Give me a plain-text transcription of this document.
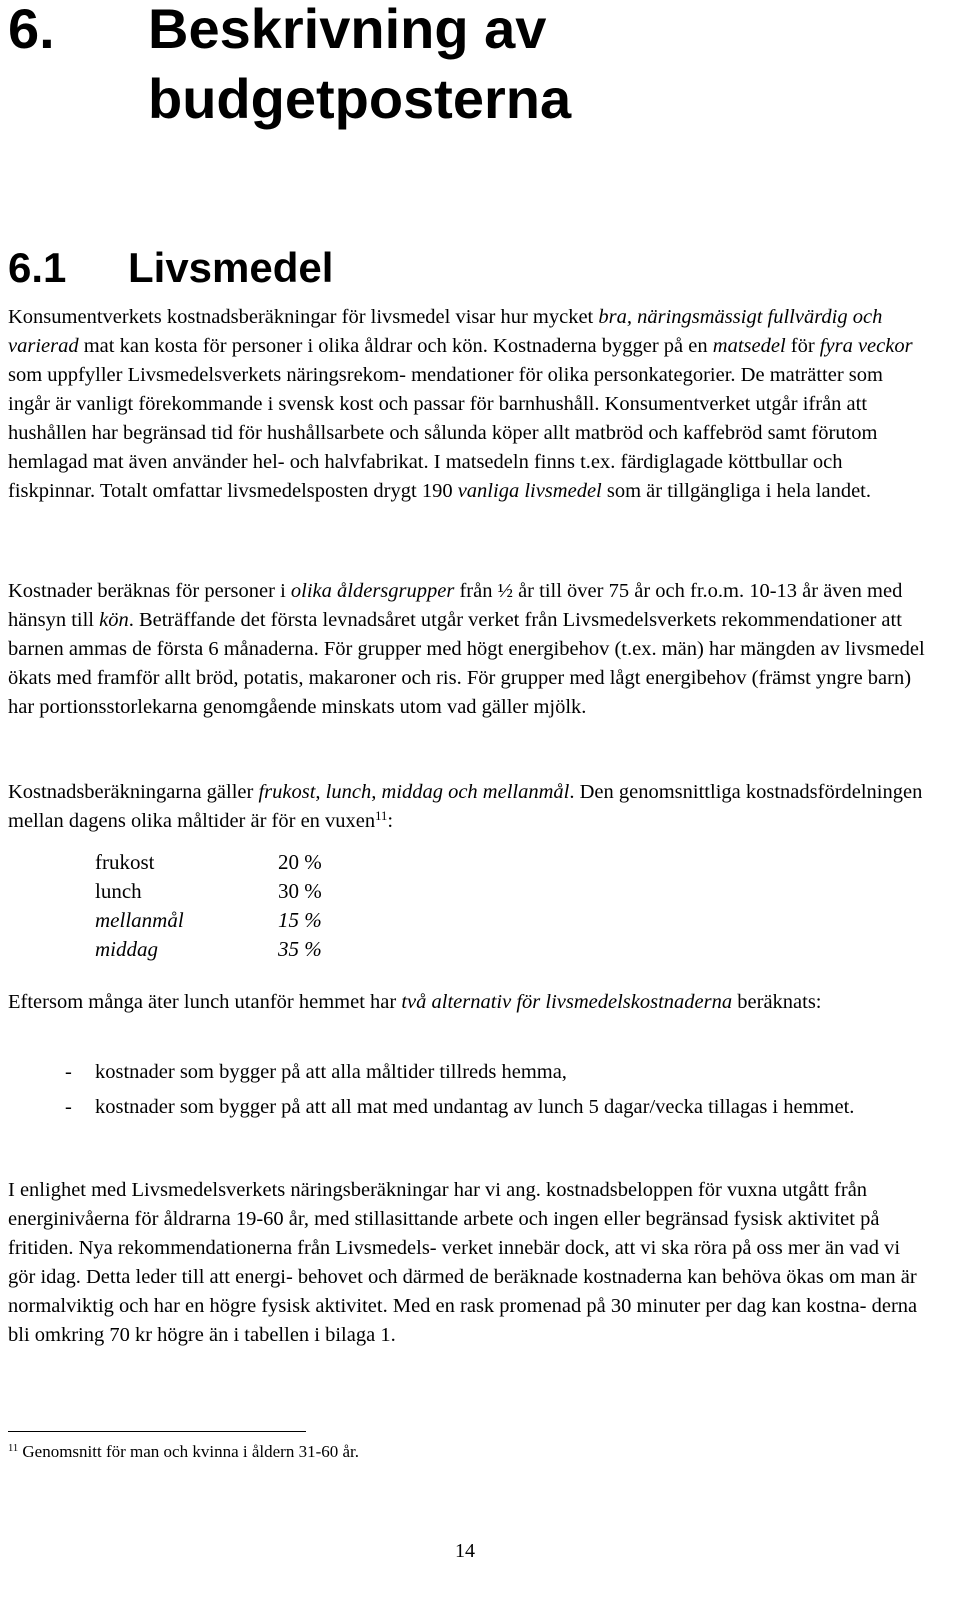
6. Beskrivning av
budgetposterna
6.1 Livsmedel

Konsumentverkets kostnadsberäkningar för livsmedel visar hur mycket bra, näringsmässigt fullvärdig och varierad mat kan kosta för personer i olika åldrar och kön. Kostnaderna bygger på en matsedel för fyra veckor som uppfyller Livsmedelsverkets näringsrekom- mendationer för olika personkategorier. De maträtter som ingår är vanligt förekommande i svensk kost och passar för barnhushåll. Konsumentverket utgår ifrån att hushållen har begränsad tid för hushållsarbete och sålunda köper allt matbröd och kaffebröd samt förutom hemlagad mat även använder hel- och halvfabrikat. I matsedeln finns t.ex. färdiglagade köttbullar och fiskpinnar. Totalt omfattar livsmedelsposten drygt 190 vanliga livsmedel som är tillgängliga i hela landet.

Kostnader beräknas för personer i olika åldersgrupper från ½ år till över 75 år och fr.o.m. 10-13 år även med hänsyn till kön. Beträffande det första levnadsåret utgår verket från Livsmedelsverkets rekommendationer att barnen ammas de första 6 månaderna. För grupper med högt energibehov (t.ex. män) har mängden av livsmedel ökats med framför allt bröd, potatis, makaroner och ris. För grupper med lågt energibehov (främst yngre barn) har portionsstorlekarna genomgående minskats utom vad gäller mjölk.

Kostnadsberäkningarna gäller frukost, lunch, middag och mellanmål. Den genomsnittliga kostnadsfördelningen mellan dagens olika måltider är för en vuxen$^{11}$:

frukost	20 %
lunch	30 %
mellanmål	15 %
middag	35 %

Eftersom många äter lunch utanför hemmet har två alternativ för livsmedelskostnaderna beräknats:

- kostnader som bygger på att alla måltider tillreds hemma,
- kostnader som bygger på att all mat med undantag av lunch 5 dagar/vecka tillagas i hemmet.

I enlighet med Livsmedelsverkets näringsberäkningar har vi ang. kostnadsbeloppen för vuxna utgått från energinivåerna för åldrarna 19-60 år, med stillasittande arbete och ingen eller begränsad fysisk aktivitet på fritiden. Nya rekommendationerna från Livsmedels- verket innebär dock, att vi ska röra på oss mer än vad vi gör idag. Detta leder till att energi- behovet och därmed de beräknade kostnaderna kan behöva ökas om man är normalviktig och har en högre fysisk aktivitet. Med en rask promenad på 30 minuter per dag kan kostna- derna bli omkring 70 kr högre än i tabellen i bilaga 1.

$^{11}$ Genomsnitt för man och kvinna i åldern 31-60 år.
14
